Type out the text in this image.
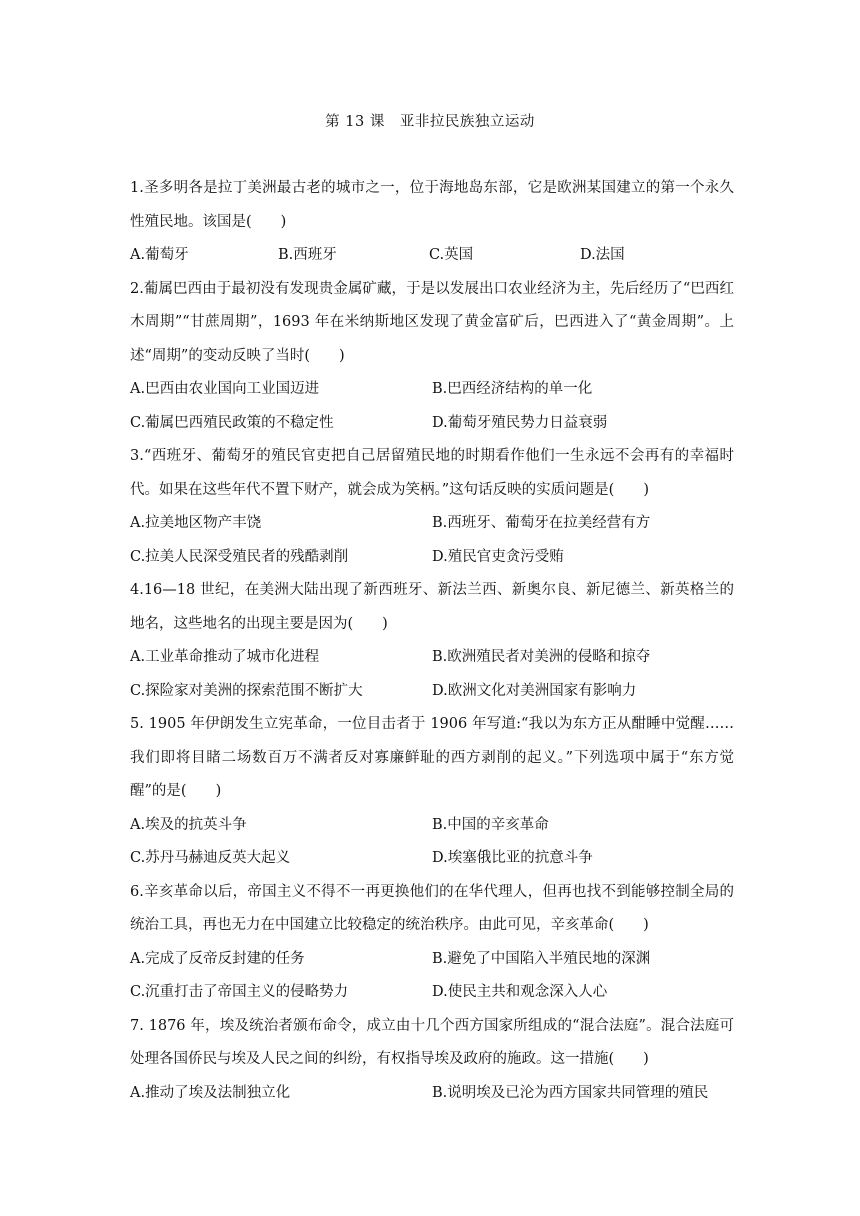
第 13 课　亚非拉民族独立运动

1.圣多明各是拉丁美洲最古老的城市之一，位于海地岛东部，它是欧洲某国建立的第一个永久性殖民地。该国是(　　)

A.葡萄牙	B.西班牙	C.英国	D.法国

2.葡属巴西由于最初没有发现贵金属矿藏，于是以发展出口农业经济为主，先后经历了“巴西红木周期”“甘蔗周期”，1693 年在米纳斯地区发现了黄金富矿后，巴西进入了“黄金周期”。上述“周期”的变动反映了当时(　　)

A.巴西由农业国向工业国迈进	B.巴西经济结构的单一化
C.葡属巴西殖民政策的不稳定性	D.葡萄牙殖民势力日益衰弱

3.“西班牙、葡萄牙的殖民官吏把自己居留殖民地的时期看作他们一生永远不会再有的幸福时代。如果在这些年代不置下财产，就会成为笑柄。”这句话反映的实质问题是(　　)

A.拉美地区物产丰饶	B.西班牙、葡萄牙在拉美经营有方
C.拉美人民深受殖民者的残酷剥削	D.殖民官吏贪污受贿

4.16—18 世纪，在美洲大陆出现了新西班牙、新法兰西、新奥尔良、新尼德兰、新英格兰的地名，这些地名的出现主要是因为(　　)

A.工业革命推动了城市化进程	B.欧洲殖民者对美洲的侵略和掠夺
C.探险家对美洲的探索范围不断扩大	D.欧洲文化对美洲国家有影响力

5. 1905 年伊朗发生立宪革命，一位目击者于 1906 年写道:“我以为东方正从酣睡中觉醒……我们即将目睹二场数百万不满者反对寡廉鲜耻的西方剥削的起义。”下列选项中属于“东方觉醒”的是(　　)

A.埃及的抗英斗争	B.中国的辛亥革命
C.苏丹马赫迪反英大起义	D.埃塞俄比亚的抗意斗争

6.辛亥革命以后，帝国主义不得不一再更换他们的在华代理人，但再也找不到能够控制全局的统治工具，再也无力在中国建立比较稳定的统治秩序。由此可见，辛亥革命(　　)

A.完成了反帝反封建的任务	B.避免了中国陷入半殖民地的深渊
C.沉重打击了帝国主义的侵略势力	D.使民主共和观念深入人心

7. 1876 年，埃及统治者颁布命令，成立由十几个西方国家所组成的“混合法庭”。混合法庭可处理各国侨民与埃及人民之间的纠纷，有权指导埃及政府的施政。这一措施(　　)

A.推动了埃及法制独立化	B.说明埃及已沦为西方国家共同管理的殖民
